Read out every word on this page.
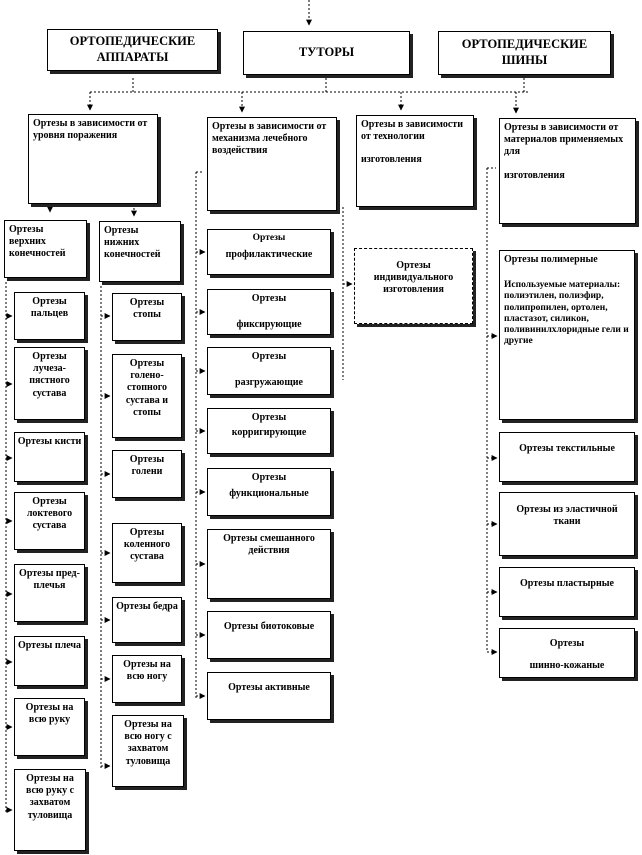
ОРТОПЕДИЧЕСКИЕ АППАРАТЫ	ТУТОРЫ
ОРТОПЕДИЧЕСКИЕ ШИНЫ
Ортезы в зависимости от уровня поражения
Ортезы в зависимости от механизма лечебного воздействия
Ортезы в зависимости от технологии
изготовления
Ортезы в зависимости от материалов применяемых для
изготовления
Ортезы верхних конечностей
Ортезы нижних конечностей
Ортезы пальцев
Ортезы лучеза-пястного сустава
Ортезы кисти
Ортезы локтевого сустава
Ортезы пред-плечья
Ортезы плеча
Ортезы на всю руку
Ортезы на всю руку с захватом туловища
Ортезы стопы
Ортезы голено-стопного сустава и стопы
Ортезы голени
Ортезы коленного сустава
Ортезы бедра
Ортезы на всю ногу
Ортезы на всю ногу с захватом туловища
Ортезы
профилактические
Ортезы
фиксирующие
Ортезы
разгружающие
Ортезы
корригирующие
Ортезы
функциональные
Ортезы смешанного
действия
Ортезы биотоковые
Ортезы активные
Ортезы индивидуального изготовления
Ортезы полимерные
Используемые материалы: полиэтилен, полиэфир, полипропилен, ортолен, пластазот, силикон, поливинилхлоридные гели и другие
Ортезы текстильные
Ортезы из эластичной ткани
Ортезы пластырные
Ортезы
шинно-кожаные
